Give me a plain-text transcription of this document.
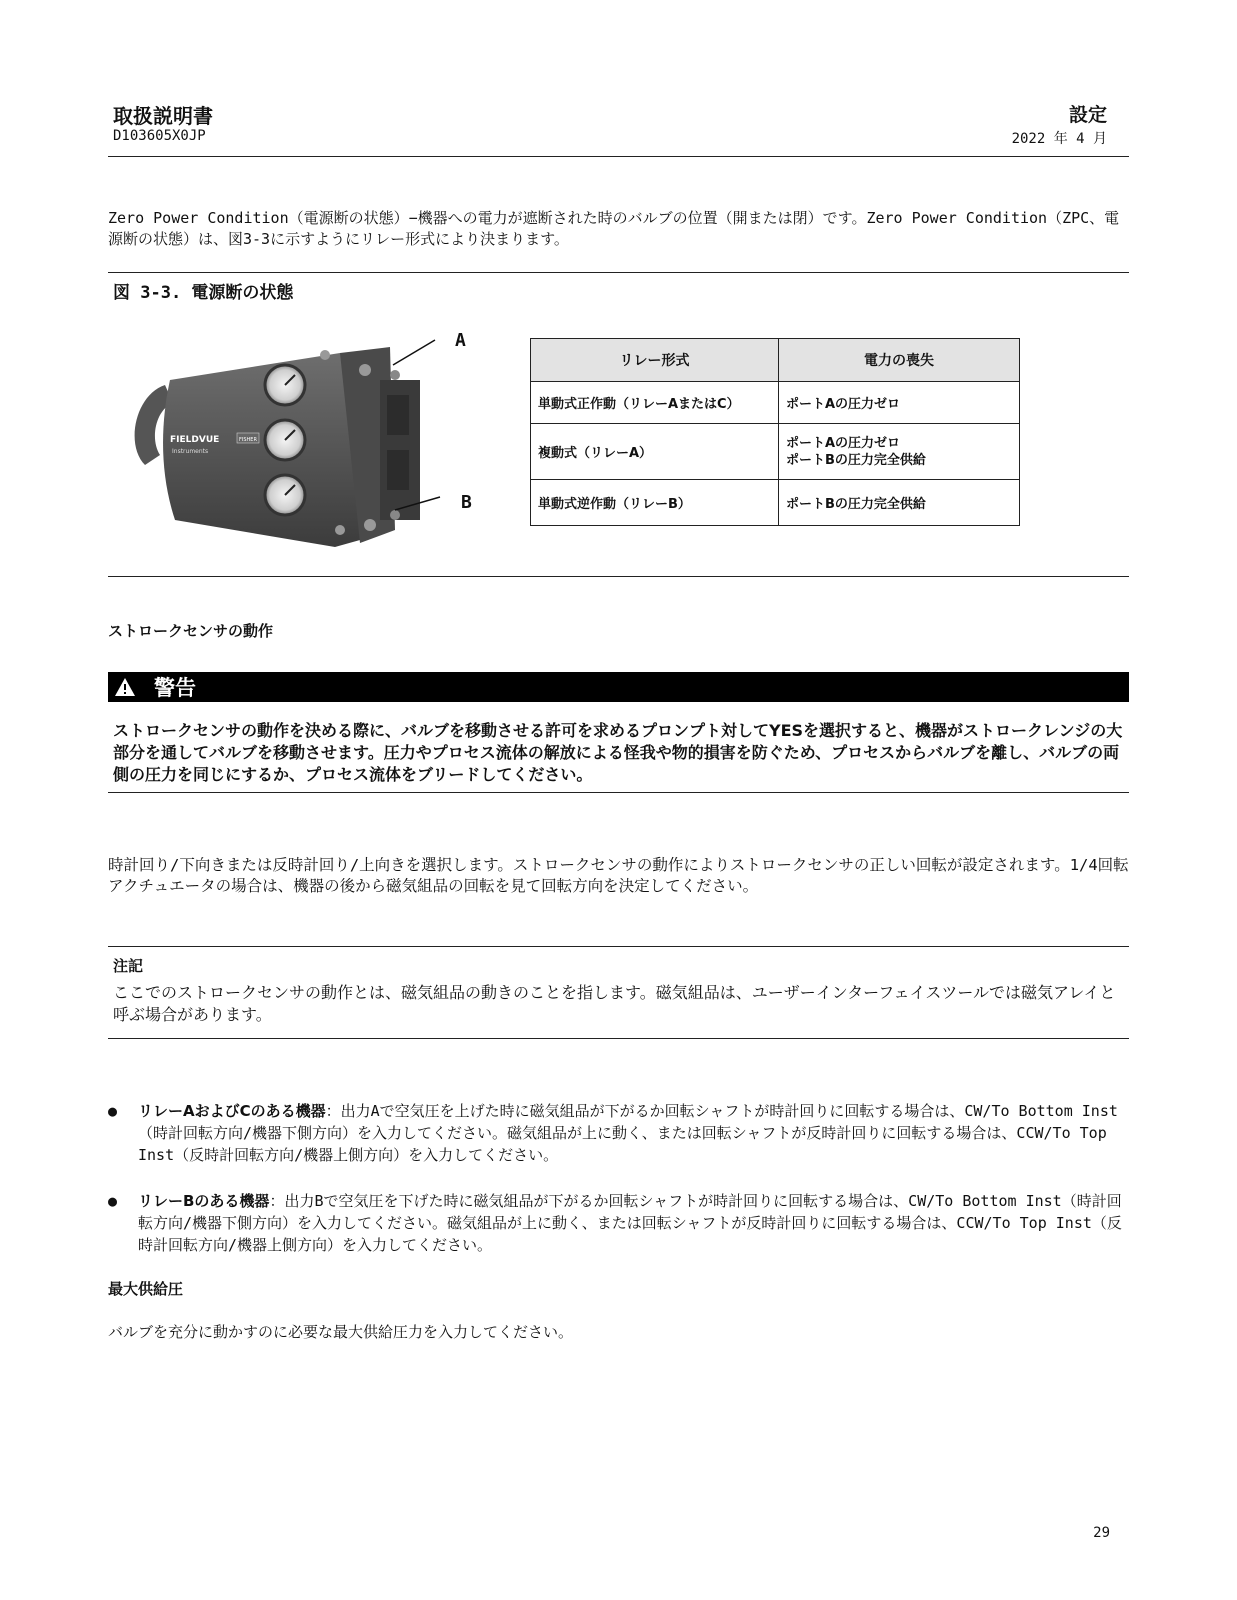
取扱説明書
D103605X0JP
設定
2022 年 4 月
Zero Power Condition（電源断の状態）−機器への電力が遮断された時のバルブの位置（開または閉）です。Zero Power Condition（ZPC、電源断の状態）は、図3-3に示すようにリレー形式により決まります。
図 3-3. 電源断の状態
FIELDVUE
Instruments
FISHER
A
B
リレー形式	電力の喪失
単動式正作動（リレーAまたはC）	ポートAの圧力ゼロ
複動式（リレーA）	ポートAの圧力ゼロ
ポートBの圧力完全供給
単動式逆作動（リレーB）	ポートBの圧力完全供給
ストロークセンサの動作
警告
ストロークセンサの動作を決める際に、バルブを移動させる許可を求めるプロンプト対してYESを選択すると、機器がストロークレンジの大部分を通してバルブを移動させます。圧力やプロセス流体の解放による怪我や物的損害を防ぐため、プロセスからバルブを離し、バルブの両側の圧力を同じにするか、プロセス流体をブリードしてください。
時計回り/下向きまたは反時計回り/上向きを選択します。ストロークセンサの動作によりストロークセンサの正しい回転が設定されます。1/4回転アクチュエータの場合は、機器の後から磁気組品の回転を見て回転方向を決定してください。
注記
ここでのストロークセンサの動作とは、磁気組品の動きのことを指します。磁気組品は、ユーザーインターフェイスツールでは磁気アレイと呼ぶ場合があります。
●	リレーAおよびCのある機器：出力Aで空気圧を上げた時に磁気組品が下がるか回転シャフトが時計回りに回転する場合は、CW/To Bottom Inst（時計回転方向/機器下側方向）を入力してください。磁気組品が上に動く、または回転シャフトが反時計回りに回転する場合は、CCW/To Top Inst（反時計回転方向/機器上側方向）を入力してください。
●	リレーBのある機器：出力Bで空気圧を下げた時に磁気組品が下がるか回転シャフトが時計回りに回転する場合は、CW/To Bottom Inst（時計回転方向/機器下側方向）を入力してください。磁気組品が上に動く、または回転シャフトが反時計回りに回転する場合は、CCW/To Top Inst（反時計回転方向/機器上側方向）を入力してください。
最大供給圧
バルブを充分に動かすのに必要な最大供給圧力を入力してください。
29
